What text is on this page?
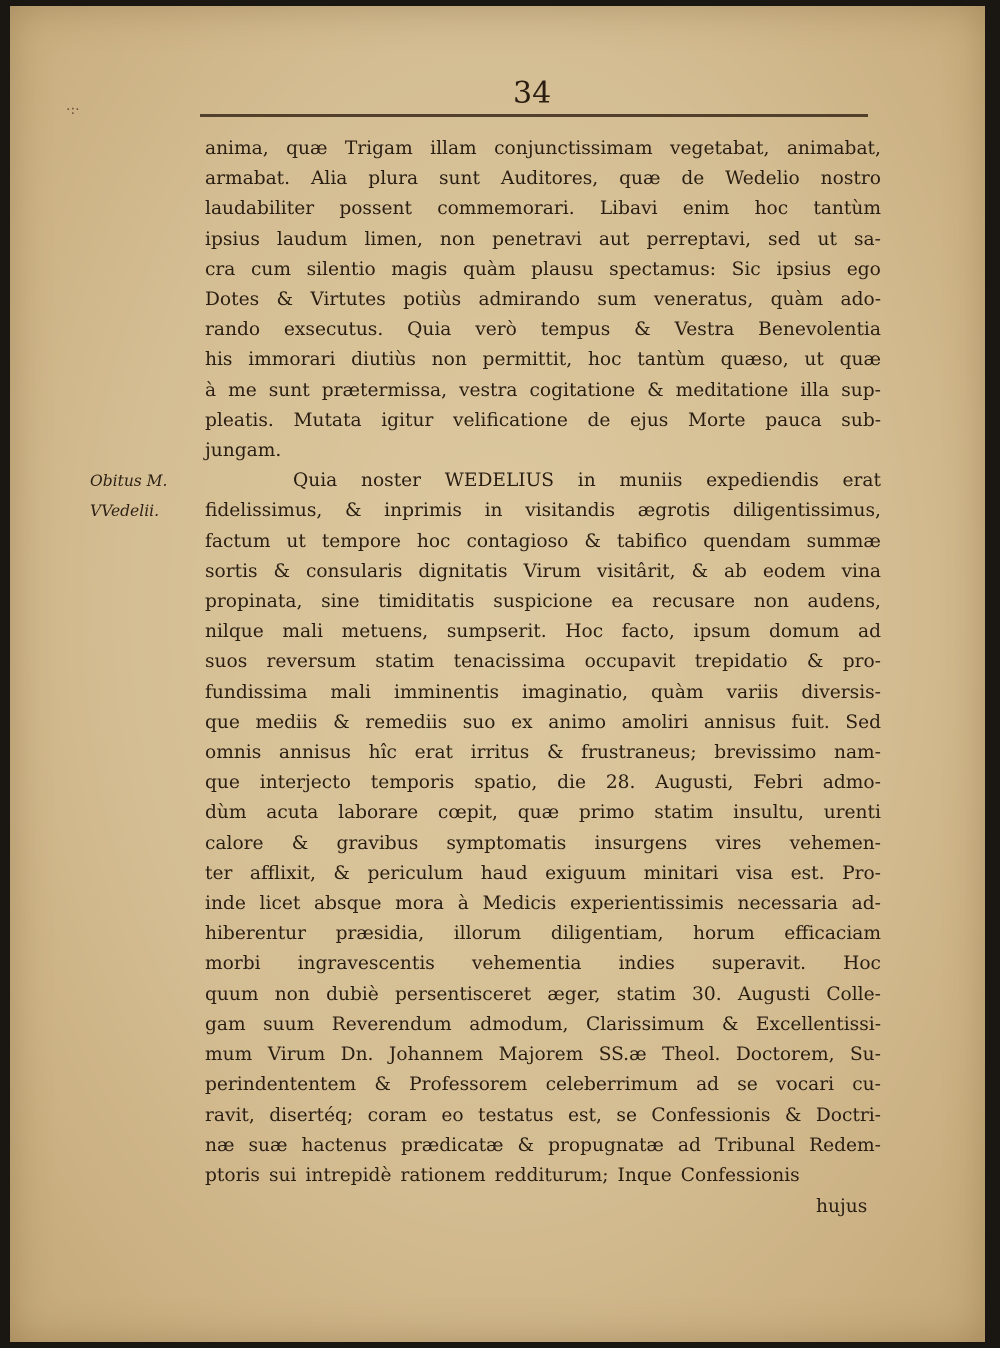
·:·	34
Obitus M.
VVedelii.
anima, quæ Trigam illam conjunctissimam vegetabat, animabat,
armabat. Alia plura sunt Auditores, quæ de Wedelio nostro
laudabiliter possent commemorari. Libavi enim hoc tantùm
ipsius laudum limen, non penetravi aut perreptavi, sed ut sa-
cra cum silentio magis quàm plausu spectamus: Sic ipsius ego
Dotes & Virtutes potiùs admirando sum veneratus, quàm ado-
rando exsecutus. Quia verò tempus & Vestra Benevolentia
his immorari diutiùs non permittit, hoc tantùm quæso, ut quæ
à me sunt prætermissa, vestra cogitatione & meditatione illa sup-
pleatis. Mutata igitur velificatione de ejus Morte pauca sub-
jungam.
Quia noster WEDELIUS in muniis expediendis erat
fidelissimus, & inprimis in visitandis ægrotis diligentissimus,
factum ut tempore hoc contagioso & tabifico quendam summæ
sortis & consularis dignitatis Virum visitârit, & ab eodem vina
propinata, sine timiditatis suspicione ea recusare non audens,
nilque mali metuens, sumpserit. Hoc facto, ipsum domum ad
suos reversum statim tenacissima occupavit trepidatio & pro-
fundissima mali imminentis imaginatio, quàm variis diversis-
que mediis & remediis suo ex animo amoliri annisus fuit. Sed
omnis annisus hîc erat irritus & frustraneus; brevissimo nam-
que interjecto temporis spatio, die 28. Augusti, Febri admo-
dùm acuta laborare cœpit, quæ primo statim insultu, urenti
calore & gravibus symptomatis insurgens vires vehemen-
ter afflixit, & periculum haud exiguum minitari visa est. Pro-
inde licet absque mora à Medicis experientissimis necessaria ad-
hiberentur præsidia, illorum diligentiam, horum efficaciam
morbi ingravescentis vehementia indies superavit. Hoc
quum non dubiè persentisceret æger, statim 30. Augusti Colle-
gam suum Reverendum admodum, Clarissimum & Excellentissi-
mum Virum Dn. Johannem Majorem SS.æ Theol. Doctorem, Su-
perindententem & Professorem celeberrimum ad se vocari cu-
ravit, disertéq; coram eo testatus est, se Confessionis & Doctri-
næ suæ hactenus prædicatæ & propugnatæ ad Tribunal Redem-
ptoris sui intrepidè rationem redditurum; Inque Confessionis
hujus
